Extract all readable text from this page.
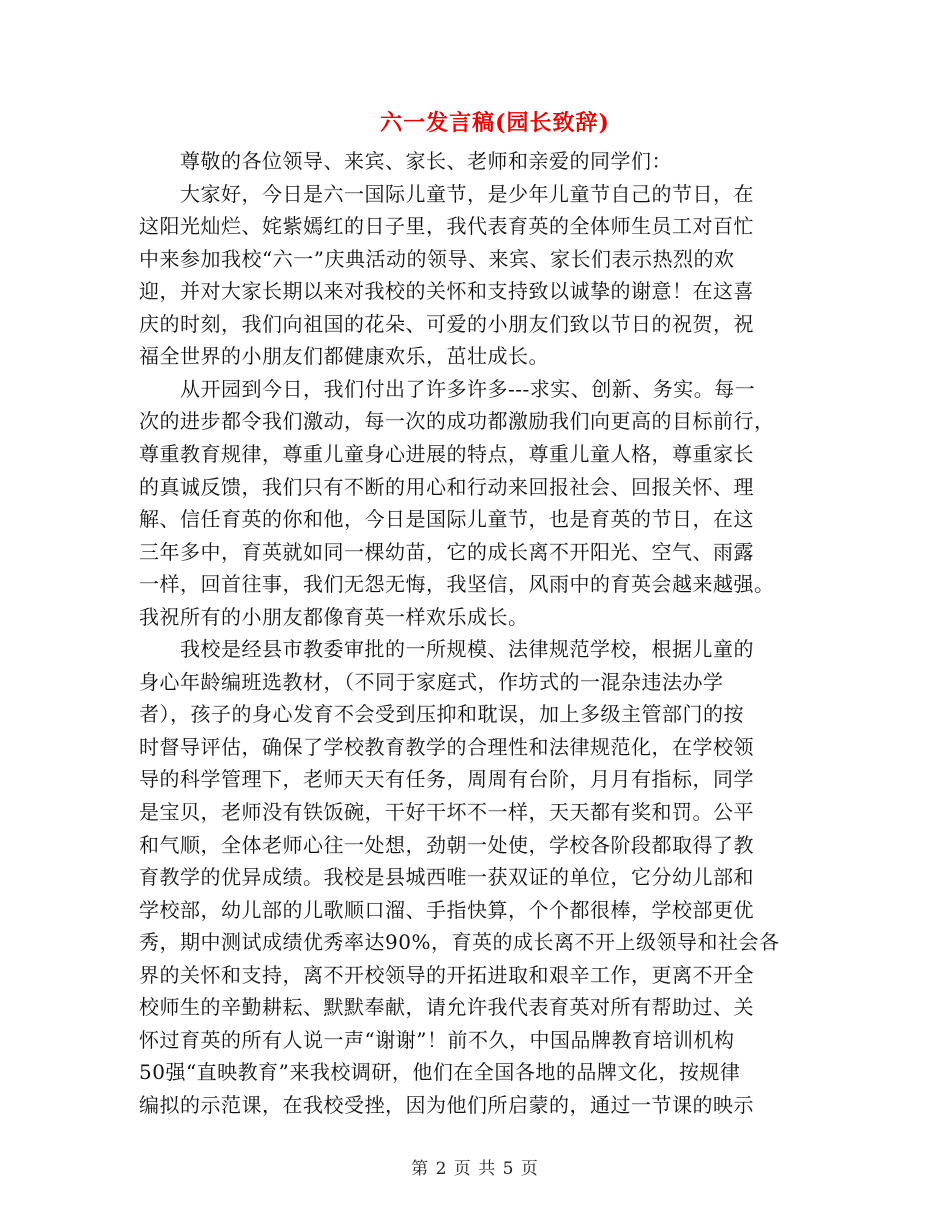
六一发言稿(园长致辞)
　　尊敬的各位领导、来宾、家长、老师和亲爱的同学们：
　　大家好，今日是六一国际儿童节，是少年儿童节自己的节日，在
这阳光灿烂、姹紫嫣红的日子里，我代表育英的全体师生员工对百忙
中来参加我校“六一”庆典活动的领导、来宾、家长们表示热烈的欢
迎，并对大家长期以来对我校的关怀和支持致以诚挚的谢意！在这喜
庆的时刻，我们向祖国的花朵、可爱的小朋友们致以节日的祝贺，祝
福全世界的小朋友们都健康欢乐，茁壮成长。
　　从开园到今日，我们付出了许多许多---求实、创新、务实。每一
次的进步都令我们激动，每一次的成功都激励我们向更高的目标前行，
尊重教育规律，尊重儿童身心进展的特点，尊重儿童人格，尊重家长
的真诚反馈，我们只有不断的用心和行动来回报社会、回报关怀、理
解、信任育英的你和他，今日是国际儿童节，也是育英的节日，在这
三年多中，育英就如同一棵幼苗，它的成长离不开阳光、空气、雨露
一样，回首往事，我们无怨无悔，我坚信，风雨中的育英会越来越强。
我祝所有的小朋友都像育英一样欢乐成长。
　　我校是经县市教委审批的一所规模、法律规范学校，根据儿童的
身心年龄编班选教材，（不同于家庭式，作坊式的一混杂违法办学
者），孩子的身心发育不会受到压抑和耽误，加上多级主管部门的按
时督导评估，确保了学校教育教学的合理性和法律规范化，在学校领
导的科学管理下，老师天天有任务，周周有台阶，月月有指标，同学
是宝贝，老师没有铁饭碗，干好干坏不一样，天天都有奖和罚。公平
和气顺，全体老师心往一处想，劲朝一处使，学校各阶段都取得了教
育教学的优异成绩。我校是县城西唯一获双证的单位，它分幼儿部和
学校部，幼儿部的儿歌顺口溜、手指快算，个个都很棒，学校部更优
秀，期中测试成绩优秀率达90%，育英的成长离不开上级领导和社会各
界的关怀和支持，离不开校领导的开拓进取和艰辛工作，更离不开全
校师生的辛勤耕耘、默默奉献，请允许我代表育英对所有帮助过、关
怀过育英的所有人说一声“谢谢”！前不久，中国品牌教育培训机构
50强“直映教育”来我校调研，他们在全国各地的品牌文化，按规律
编拟的示范课，在我校受挫，因为他们所启蒙的，通过一节课的映示
第 2 页 共 5 页
